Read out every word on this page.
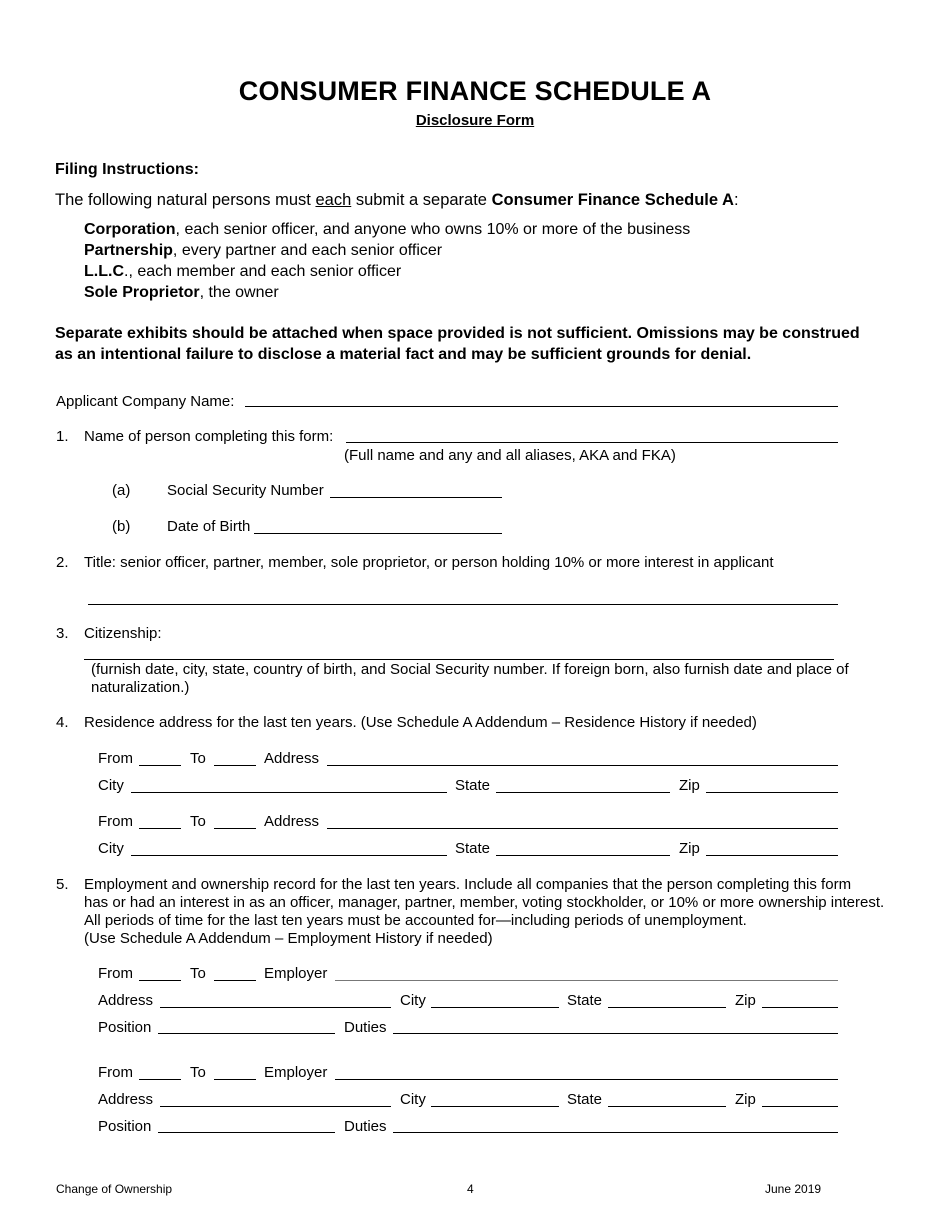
CONSUMER FINANCE SCHEDULE A
Disclosure Form
Filing Instructions:
The following natural persons must each submit a separate Consumer Finance Schedule A:
Corporation, each senior officer, and anyone who owns 10% or more of the business
Partnership, every partner and each senior officer
L.L.C., each member and each senior officer
Sole Proprietor, the owner
Separate exhibits should be attached when space provided is not sufficient. Omissions may be construed
as an intentional failure to disclose a material fact and may be sufficient grounds for denial.
Applicant Company Name:
1. Name of person completing this form:
(Full name and any and all aliases, AKA and FKA)
(a) Social Security Number
(b) Date of Birth
2. Title: senior officer, partner, member, sole proprietor, or person holding 10% or more interest in applicant
3. Citizenship:
(furnish date, city, state, country of birth, and Social Security number. If foreign born, also furnish date and place of
naturalization.)
4. Residence address for the last ten years. (Use Schedule A Addendum – Residence History if needed)
From	To	Address
City	State	Zip
From	To	Address
City	State	Zip
5. Employment and ownership record for the last ten years. Include all companies that the person completing this form
has or had an interest in as an officer, manager, partner, member, voting stockholder, or 10% or more ownership interest.
All periods of time for the last ten years must be accounted for—including periods of unemployment.
(Use Schedule A Addendum – Employment History if needed)
From	To	Employer
Address	City	State	Zip
Position	Duties
From	To	Employer
Address	City	State	Zip
Position	Duties
Change of Ownership	4	June 2019
